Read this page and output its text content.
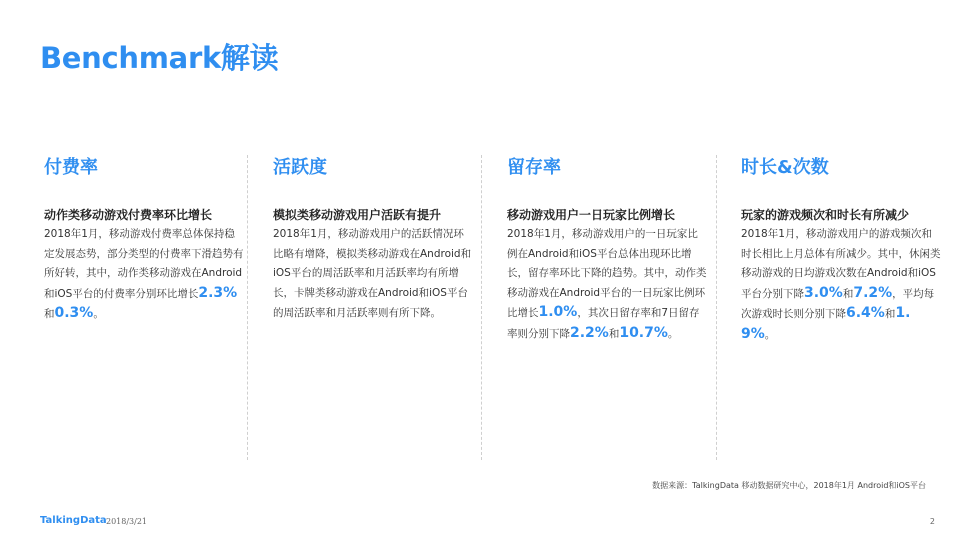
Benchmark解读
付费率
动作类移动游戏付费率环比增长
2018年1月，移动游戏付费率总体保持稳定发展态势，部分类型的付费率下滑趋势有所好转，其中，动作类移动游戏在Android和iOS平台的付费率分别环比增长2.3%和0.3%。
活跃度
模拟类移动游戏用户活跃有提升
2018年1月，移动游戏用户的活跃情况环比略有增降，模拟类移动游戏在Android和iOS平台的周活跃率和月活跃率均有所增长，卡牌类移动游戏在Android和iOS平台的周活跃率和月活跃率则有所下降。
留存率
移动游戏用户一日玩家比例增长
2018年1月，移动游戏用户的一日玩家比例在Android和iOS平台总体出现环比增长，留存率环比下降的趋势。其中，动作类移动游戏在Android平台的一日玩家比例环比增长1.0%，其次日留存率和7日留存率则分别下降2.2%和10.7%。
时长&次数
玩家的游戏频次和时长有所减少
2018年1月，移动游戏用户的游戏频次和时长相比上月总体有所减少。其中，休闲类移动游戏的日均游戏次数在Android和iOS平台分别下降3.0%和7.2%，平均每次游戏时长则分别下降6.4%和1.9%。
数据来源：TalkingData 移动数据研究中心，2018年1月 Android和iOS平台
TalkingData 2018/3/21	2
